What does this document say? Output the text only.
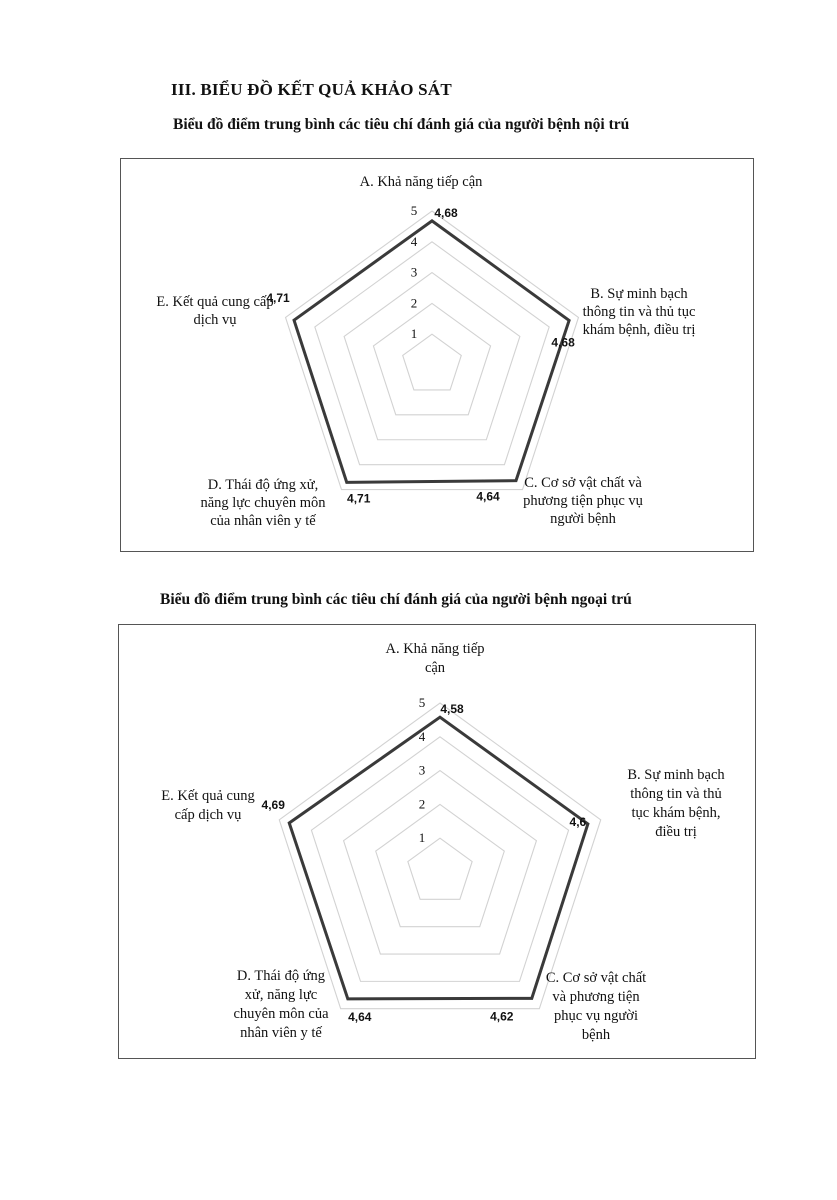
III. BIỂU ĐỒ KẾT QUẢ KHẢO SÁT
Biểu đồ điểm trung bình các tiêu chí đánh giá của người bệnh nội trú
1
2
3
4
5 4,68
4,68
4,64
4,71
4,71
A. Khả năng tiếp cận
B. Sự minh bạch thông tin và thủ tục khám bệnh, điều trị
C. Cơ sở vật chất và phương tiện phục vụ người bệnh
D. Thái độ ứng xử, năng lực chuyên môn của nhân viên y tế
E. Kết quả cung cấp dịch vụ
Biểu đồ điểm trung bình các tiêu chí đánh giá của người bệnh ngoại trú
1
2
3
4
5 4,58
4,6
4,62
4,64
4,69
A. Khả năng tiếp cận
B. Sự minh bạch thông tin và thủ tục khám bệnh, điều trị
C. Cơ sở vật chất và phương tiện phục vụ người bệnh
D. Thái độ ứng xử, năng lực chuyên môn của nhân viên y tế
E. Kết quả cung cấp dịch vụ
